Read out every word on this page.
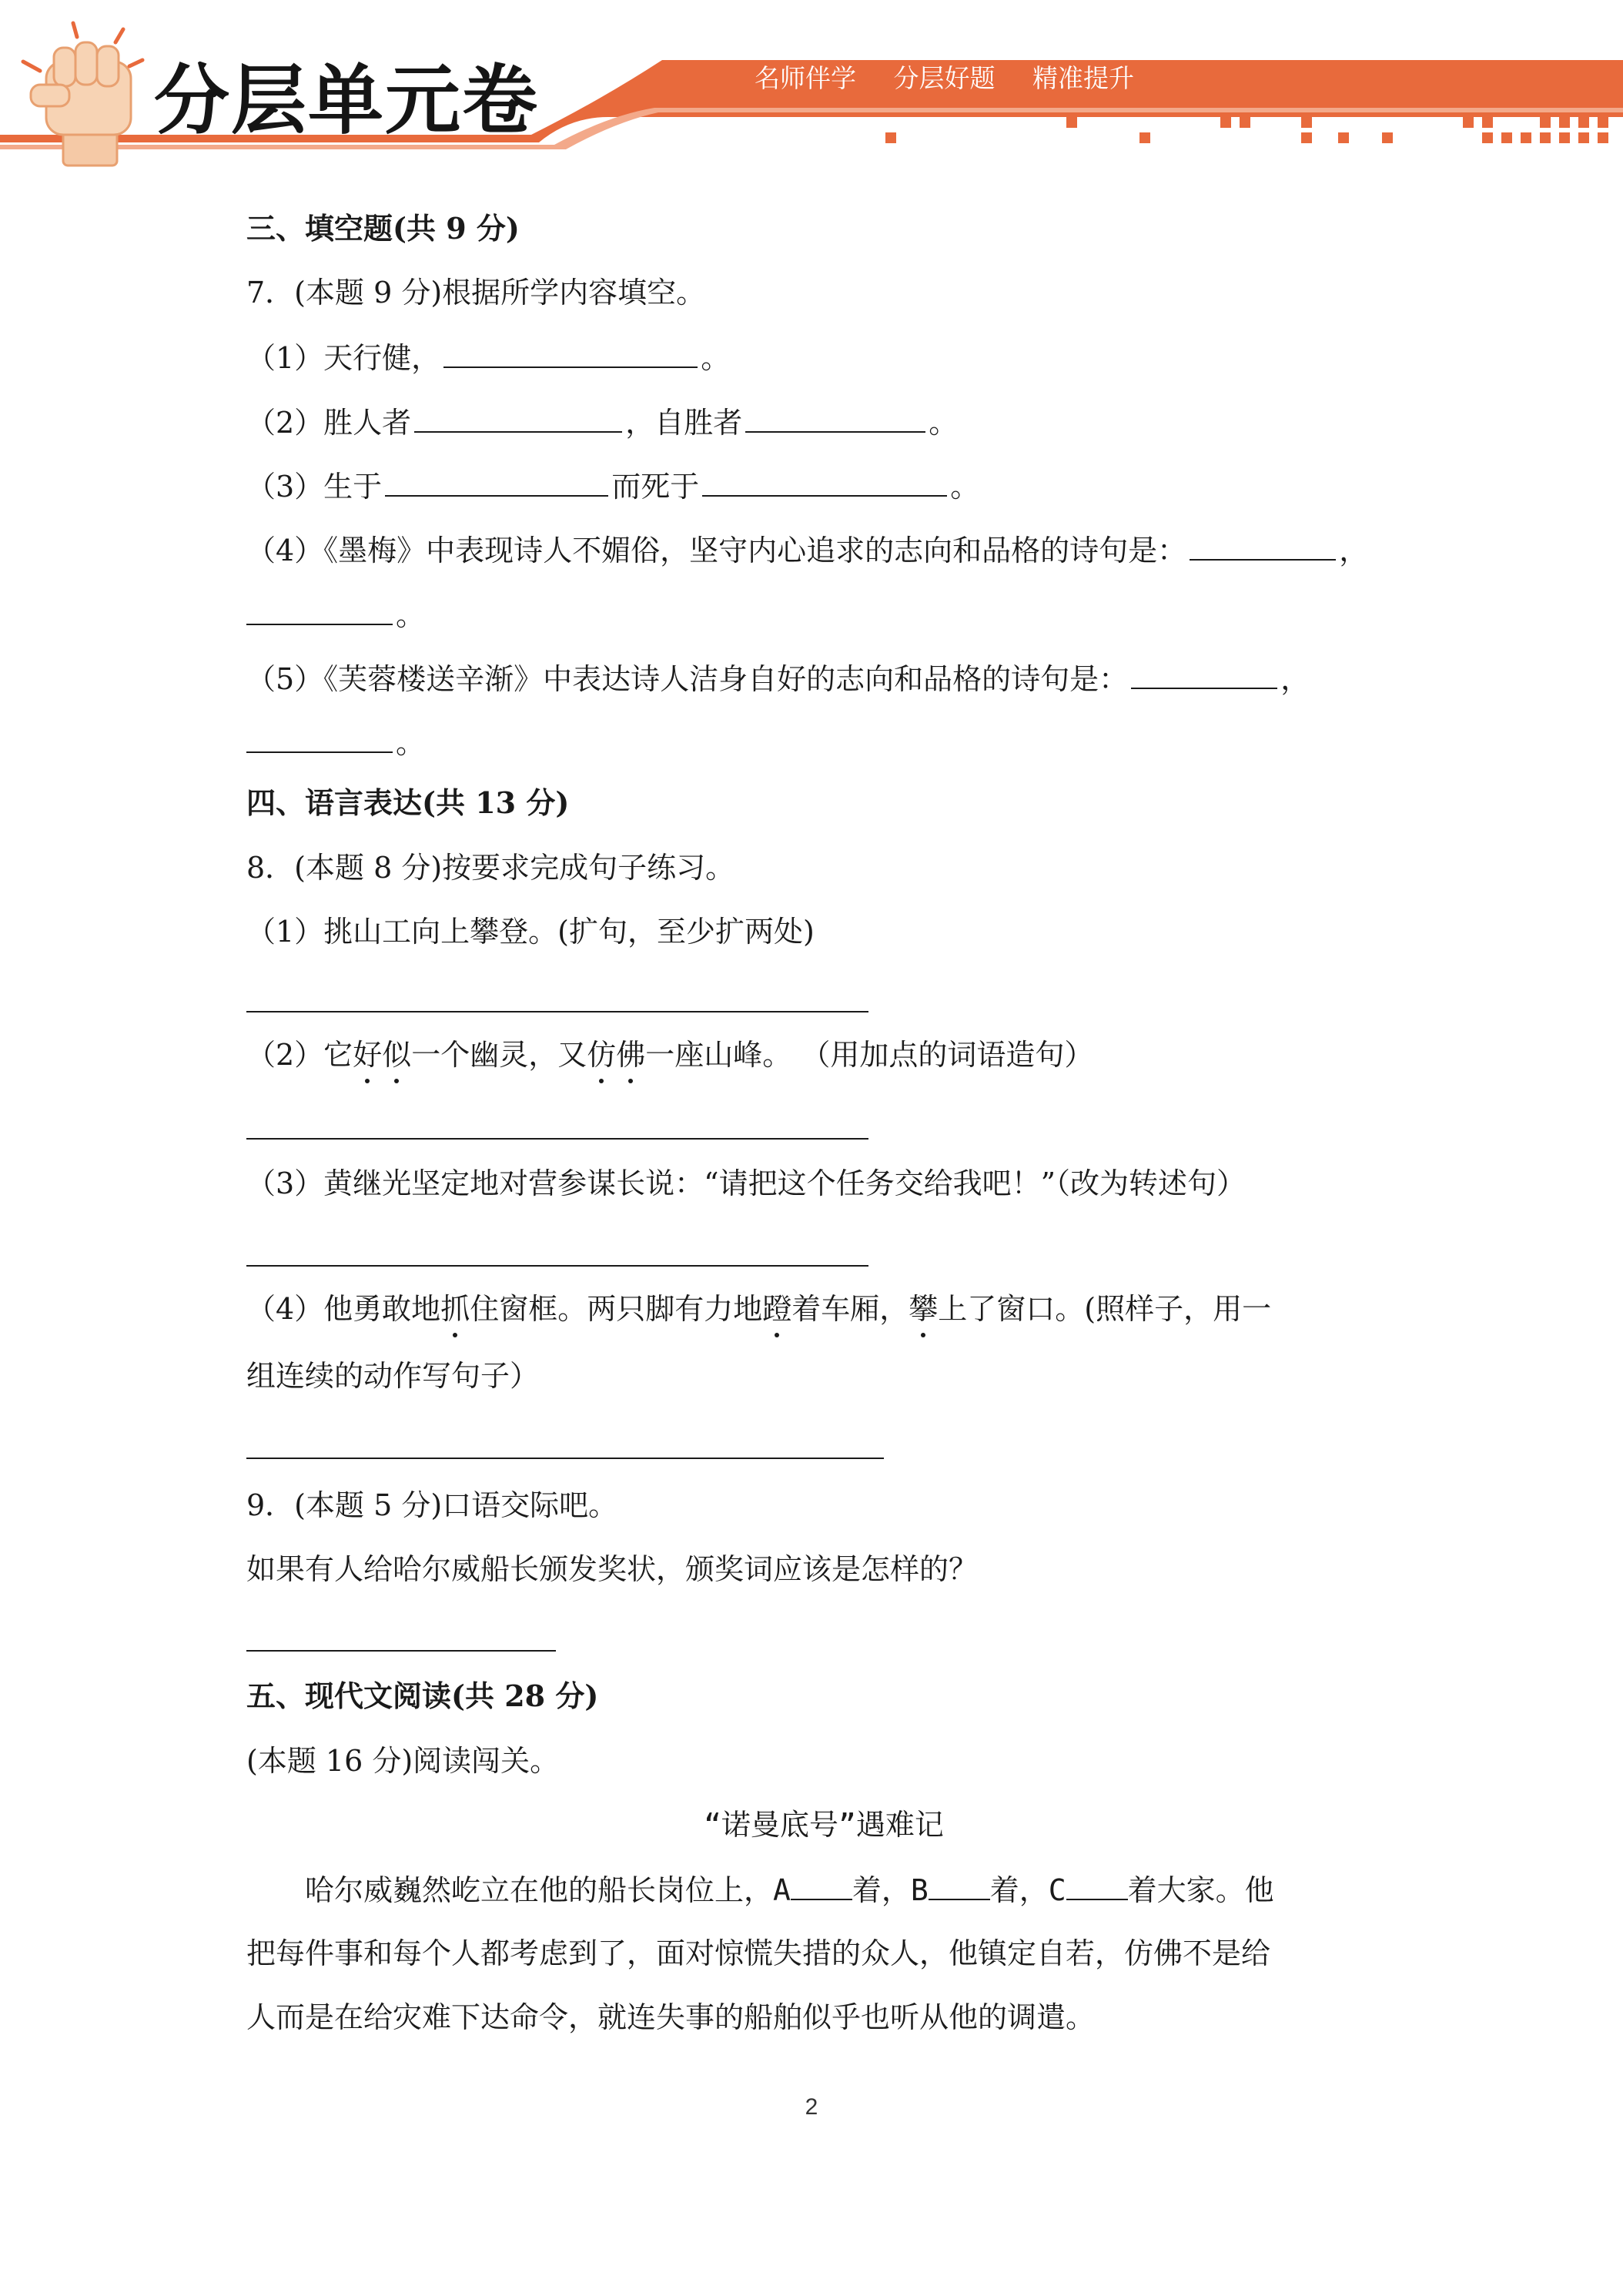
分层单元卷	名师伴学 分层好题 精准提升
三、填空题(共 9 分)
7．(本题 9 分)根据所学内容填空。
（1）天行健，	。
（2）胜人者	，自胜者	。
（3）生于	而死于	。
（4）《墨梅》中表现诗人不媚俗，坚守内心追求的志向和品格的诗句是：	，
。
（5）《芙蓉楼送辛渐》中表达诗人洁身自好的志向和品格的诗句是：	，
。
四、语言表达(共 13 分)
8．(本题 8 分)按要求完成句子练习。
（1）挑山工向上攀登。(扩句，至少扩两处)
（2）它好似一个幽灵，又仿佛一座山峰。 （用加点的词语造句）
（3）黄继光坚定地对营参谋长说：“请把这个任务交给我吧！”（改为转述句）
（4）他勇敢地抓住窗框。两只脚有力地蹬着车厢，攀上了窗口。(照样子，用一
组连续的动作写句子）
9．(本题 5 分)口语交际吧。
如果有人给哈尔威船长颁发奖状，颁奖词应该是怎样的？
五、现代文阅读(共 28 分)
(本题 16 分)阅读闯关。
“诺曼底号”遇难记
哈尔威巍然屹立在他的船长岗位上，A 着，B 着，C 着大家。他
把每件事和每个人都考虑到了，面对惊慌失措的众人，他镇定自若，仿佛不是给
人而是在给灾难下达命令，就连失事的船舶似乎也听从他的调遣。
2
